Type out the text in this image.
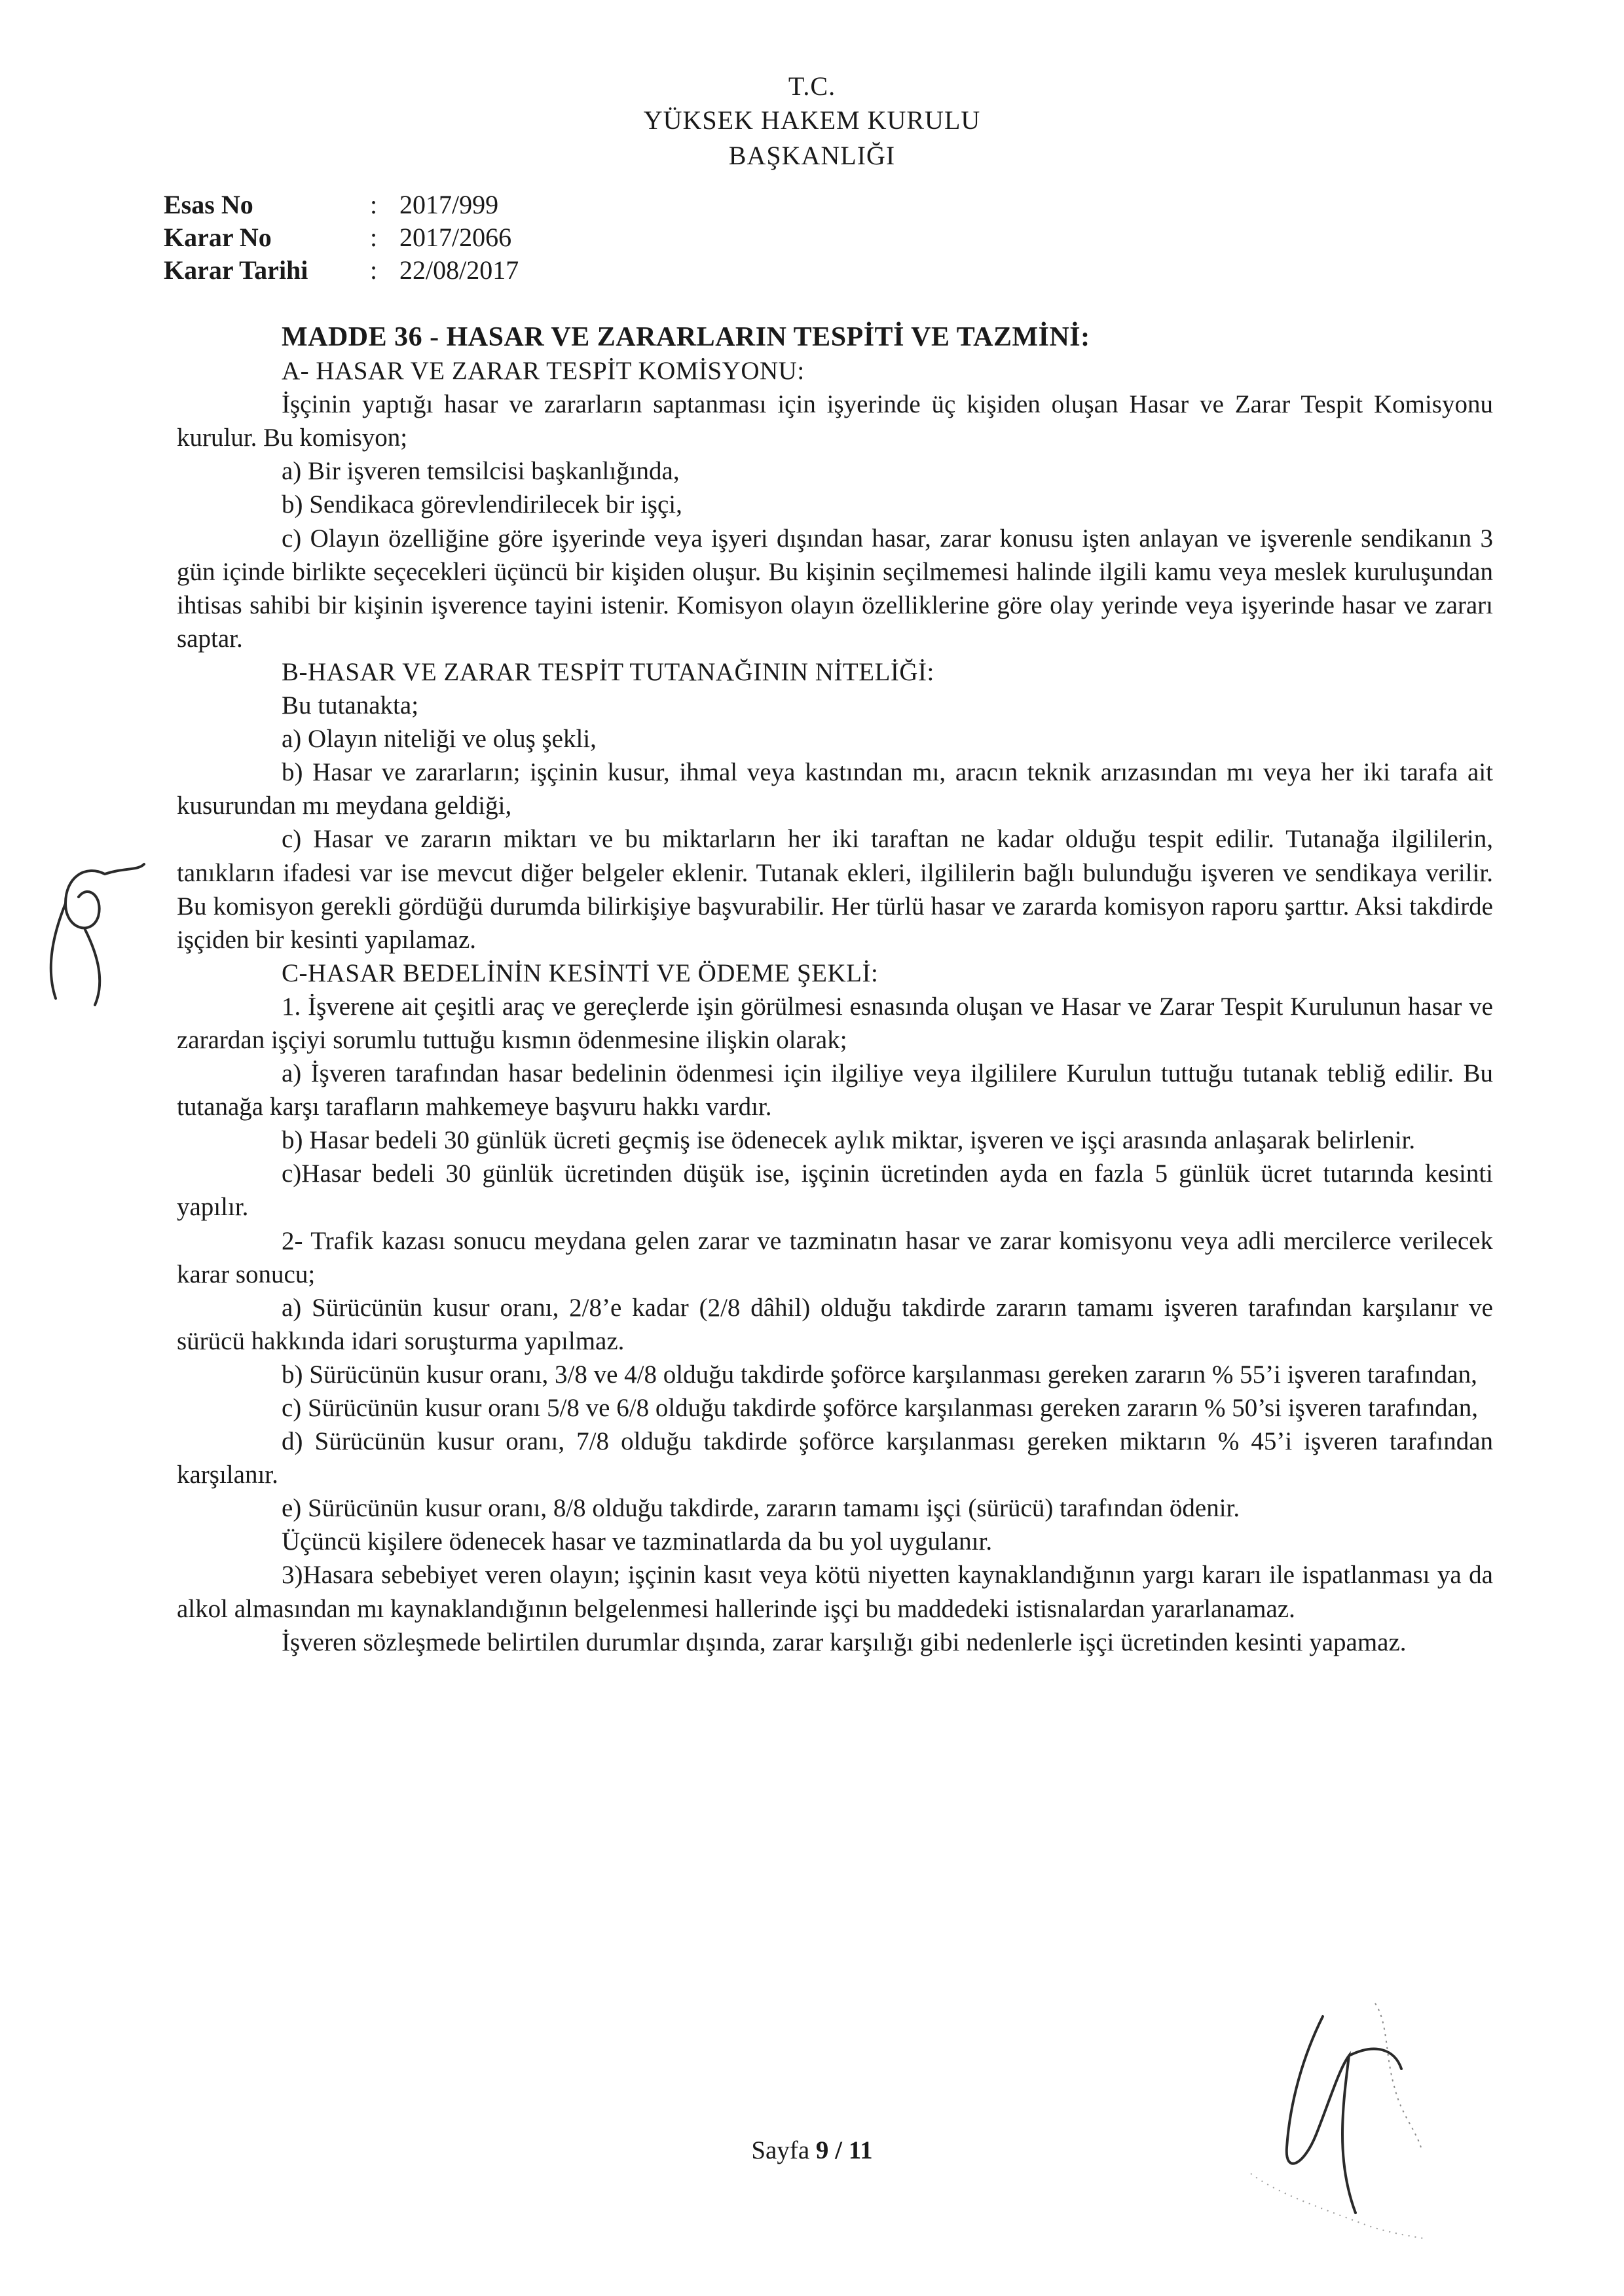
T.C.
YÜKSEK HAKEM KURULU
BAŞKANLIĞI
Esas No	: 2017/999
Karar No	: 2017/2066
Karar Tarihi	: 22/08/2017

MADDE 36 - HASAR VE ZARARLARIN TESPİTİ VE TAZMİNİ:

A- HASAR VE ZARAR TESPİT KOMİSYONU:

İşçinin yaptığı hasar ve zararların saptanması için işyerinde üç kişiden oluşan Hasar ve Zarar Tespit Komisyonu kurulur. Bu komisyon;

a) Bir işveren temsilcisi başkanlığında,

b) Sendikaca görevlendirilecek bir işçi,

c) Olayın özelliğine göre işyerinde veya işyeri dışından hasar, zarar konusu işten anlayan ve işverenle sendikanın 3 gün içinde birlikte seçecekleri üçüncü bir kişiden oluşur. Bu kişinin seçilmemesi halinde ilgili kamu veya meslek kuruluşundan ihtisas sahibi bir kişinin işverence tayini istenir. Komisyon olayın özelliklerine göre olay yerinde veya işyerinde hasar ve zararı saptar.

B-HASAR VE ZARAR TESPİT TUTANAĞININ NİTELİĞİ:

Bu tutanakta;

a) Olayın niteliği ve oluş şekli,

b) Hasar ve zararların; işçinin kusur, ihmal veya kastından mı, aracın teknik arızasından mı veya her iki tarafa ait kusurundan mı meydana geldiği,

c) Hasar ve zararın miktarı ve bu miktarların her iki taraftan ne kadar olduğu tespit edilir. Tutanağa ilgililerin, tanıkların ifadesi var ise mevcut diğer belgeler eklenir. Tutanak ekleri, ilgililerin bağlı bulunduğu işveren ve sendikaya verilir. Bu komisyon gerekli gördüğü durumda bilirkişiye başvurabilir. Her türlü hasar ve zararda komisyon raporu şarttır. Aksi takdirde işçiden bir kesinti yapılamaz.

C-HASAR BEDELİNİN KESİNTİ VE ÖDEME ŞEKLİ:

1. İşverene ait çeşitli araç ve gereçlerde işin görülmesi esnasında oluşan ve Hasar ve Zarar Tespit Kurulunun hasar ve zarardan işçiyi sorumlu tuttuğu kısmın ödenmesine ilişkin olarak;

a) İşveren tarafından hasar bedelinin ödenmesi için ilgiliye veya ilgililere Kurulun tuttuğu tutanak tebliğ edilir. Bu tutanağa karşı tarafların mahkemeye başvuru hakkı vardır.

b) Hasar bedeli 30 günlük ücreti geçmiş ise ödenecek aylık miktar, işveren ve işçi arasında anlaşarak belirlenir.

c)Hasar bedeli 30 günlük ücretinden düşük ise, işçinin ücretinden ayda en fazla 5 günlük ücret tutarında kesinti yapılır.

2- Trafik kazası sonucu meydana gelen zarar ve tazminatın hasar ve zarar komisyonu veya adli mercilerce verilecek karar sonucu;

a) Sürücünün kusur oranı, 2/8’e kadar (2/8 dâhil) olduğu takdirde zararın tamamı işveren tarafından karşılanır ve sürücü hakkında idari soruşturma yapılmaz.

b) Sürücünün kusur oranı, 3/8 ve 4/8 olduğu takdirde şoförce karşılanması gereken zararın % 55’i işveren tarafından,

c) Sürücünün kusur oranı 5/8 ve 6/8 olduğu takdirde şoförce karşılanması gereken zararın % 50’si işveren tarafından,

d) Sürücünün kusur oranı, 7/8 olduğu takdirde şoförce karşılanması gereken miktarın % 45’i işveren tarafından karşılanır.

e) Sürücünün kusur oranı, 8/8 olduğu takdirde, zararın tamamı işçi (sürücü) tarafından ödenir.

Üçüncü kişilere ödenecek hasar ve tazminatlarda da bu yol uygulanır.

3)Hasara sebebiyet veren olayın; işçinin kasıt veya kötü niyetten kaynaklandığının yargı kararı ile ispatlanması ya da alkol almasından mı kaynaklandığının belgelenmesi hallerinde işçi bu maddedeki istisnalardan yararlanamaz.

İşveren sözleşmede belirtilen durumlar dışında, zarar karşılığı gibi nedenlerle işçi ücretinden kesinti yapamaz.

Sayfa 9 / 11
